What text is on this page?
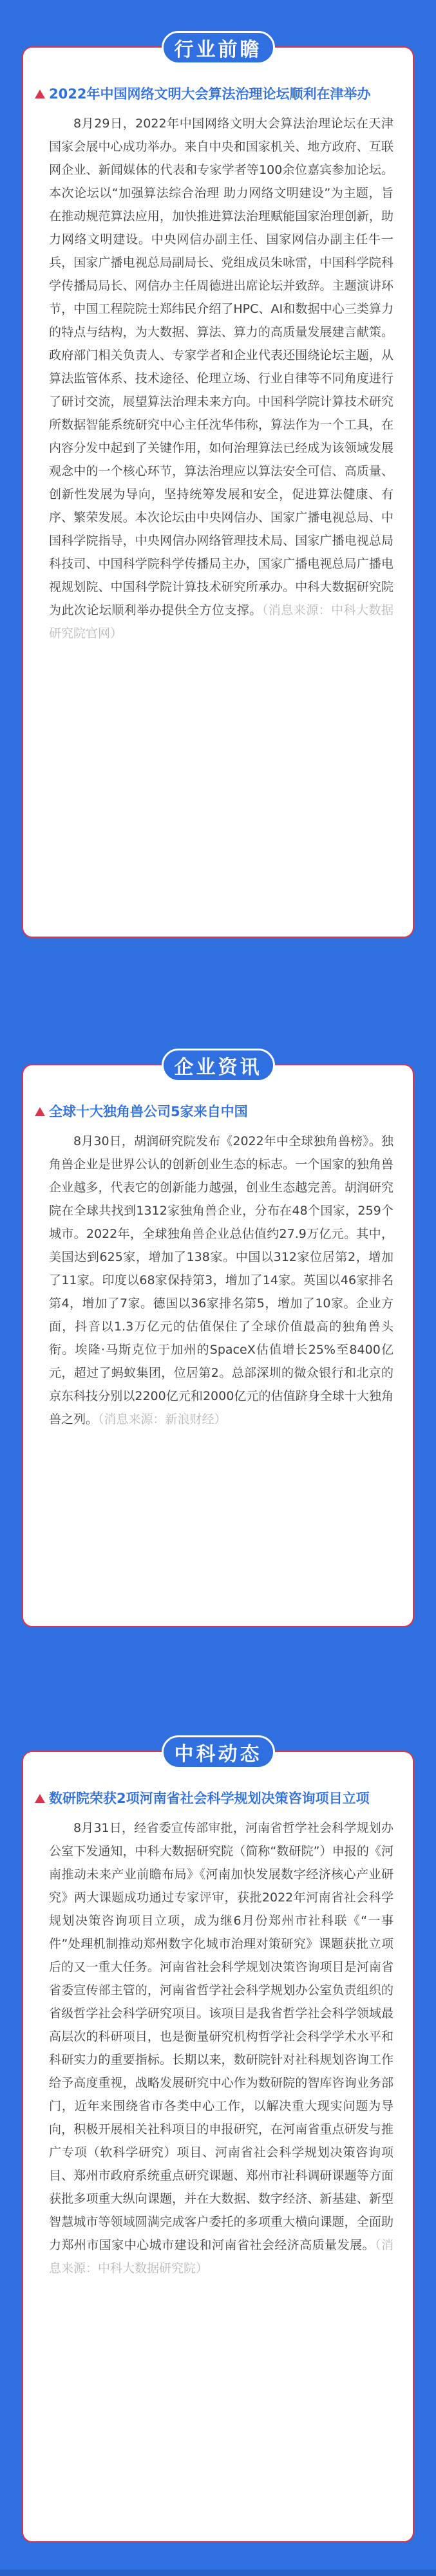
行业前瞻
2022年中国网络文明大会算法治理论坛顺利在津举办

8月29日，2022年中国网络文明大会算法治理论坛在天津国家会展中心成功举办。来自中央和国家机关、地方政府、互联网企业、新闻媒体的代表和专家学者等100余位嘉宾参加论坛。本次论坛以“加强算法综合治理 助力网络文明建设”为主题，旨在推动规范算法应用，加快推进算法治理赋能国家治理创新，助力网络文明建设。中央网信办副主任、国家网信办副主任牛一兵，国家广播电视总局副局长、党组成员朱咏雷，中国科学院科学传播局局长、网信办主任周德进出席论坛并致辞。主题演讲环节，中国工程院院士郑纬民介绍了HPC、AI和数据中心三类算力的特点与结构，为大数据、算法、算力的高质量发展建言献策。政府部门相关负责人、专家学者和企业代表还围绕论坛主题，从算法监管体系、技术途径、伦理立场、行业自律等不同角度进行了研讨交流，展望算法治理未来方向。中国科学院计算技术研究所数据智能系统研究中心主任沈华伟称，算法作为一个工具，在内容分发中起到了关键作用，如何治理算法已经成为该领域发展观念中的一个核心环节，算法治理应以算法安全可信、高质量、创新性发展为导向，坚持统筹发展和安全，促进算法健康、有序、繁荣发展。本次论坛由中央网信办、国家广播电视总局、中国科学院指导，中央网信办网络管理技术局、国家广播电视总局科技司、中国科学院科学传播局主办，国家广播电视总局广播电视规划院、中国科学院计算技术研究所承办。中科大数据研究院为此次论坛顺利举办提供全方位支撑。（消息来源：中科大数据研究院官网）

企业资讯
全球十大独角兽公司5家来自中国

8月30日，胡润研究院发布《2022年中全球独角兽榜》。独角兽企业是世界公认的创新创业生态的标志。一个国家的独角兽企业越多，代表它的创新能力越强，创业生态越完善。胡润研究院在全球共找到1312家独角兽企业，分布在48个国家，259个城市。2022年，全球独角兽企业总估值约27.9万亿元。其中，美国达到625家，增加了138家。中国以312家位居第2，增加了11家。印度以68家保持第3，增加了14家。英国以46家排名第4，增加了7家。德国以36家排名第5，增加了10家。企业方面，抖音以1.3万亿元的估值保住了全球价值最高的独角兽头衔。埃隆·马斯克位于加州的SpaceX估值增长25%至8400亿元，超过了蚂蚁集团，位居第2。总部深圳的微众银行和北京的京东科技分别以2200亿元和2000亿元的估值跻身全球十大独角兽之列。（消息来源：新浪财经）

中科动态
数研院荣获2项河南省社会科学规划决策咨询项目立项

8月31日，经省委宣传部审批，河南省哲学社会科学规划办公室下发通知，中科大数据研究院（简称“数研院”）申报的《河南推动未来产业前瞻布局》《河南加快发展数字经济核心产业研究》两大课题成功通过专家评审，获批2022年河南省社会科学规划决策咨询项目立项，成为继6月份郑州市社科联《“一事件”处理机制推动郑州数字化城市治理对策研究》课题获批立项后的又一重大任务。河南省社会科学规划决策咨询项目是河南省省委宣传部主管的，河南省哲学社会科学规划办公室负责组织的省级哲学社会科学研究项目。该项目是我省哲学社会科学领域最高层次的科研项目，也是衡量研究机构哲学社会科学学术水平和科研实力的重要指标。长期以来，数研院针对社科规划咨询工作给予高度重视，战略发展研究中心作为数研院的智库咨询业务部门，近年来围绕省市各类中心工作，以解决重大现实问题为导向，积极开展相关社科项目的申报研究，在河南省重点研发与推广专项（软科学研究）项目、河南省社会科学规划决策咨询项目、郑州市政府系统重点研究课题、郑州市社科调研课题等方面获批多项重大纵向课题，并在大数据、数字经济、新基建、新型智慧城市等领域圆满完成客户委托的多项重大横向课题，全面助力郑州市国家中心城市建设和河南省社会经济高质量发展。（消息来源：中科大数据研究院）
